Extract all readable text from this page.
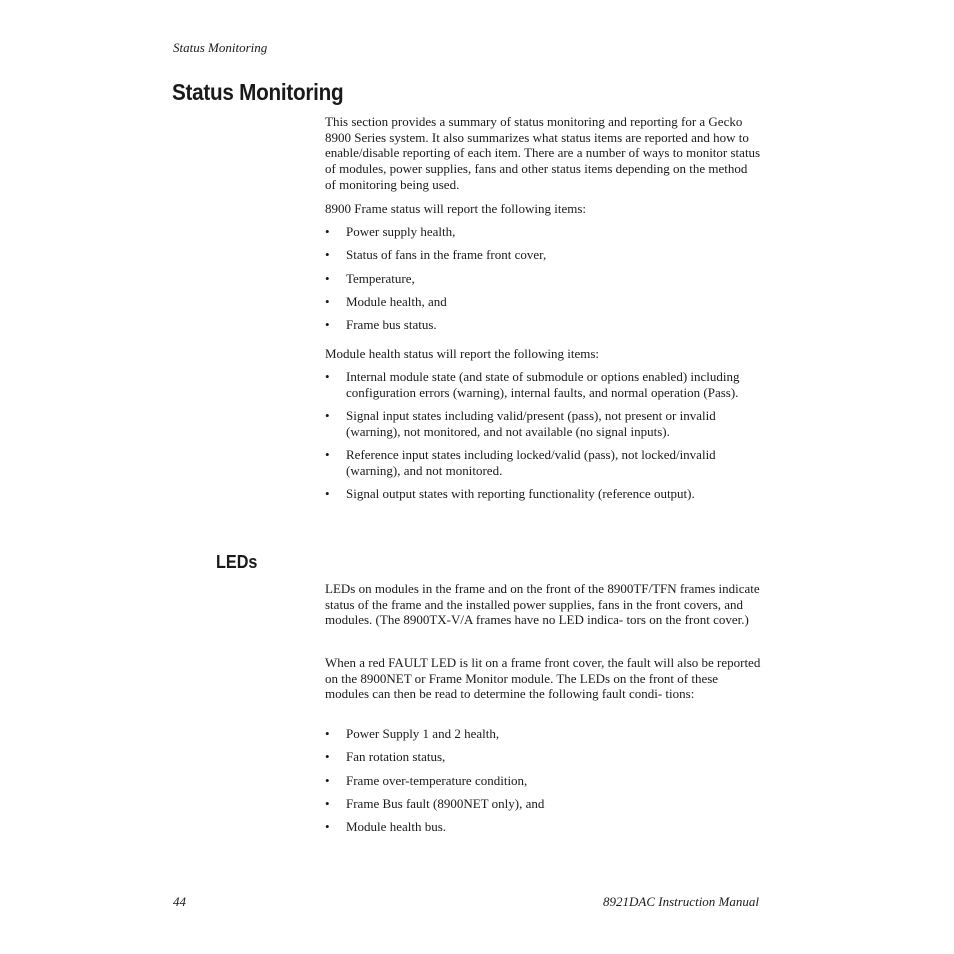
Status Monitoring
Status Monitoring

This section provides a summary of status monitoring and reporting for a Gecko 8900 Series system. It also summarizes what status items are reported and how to enable/disable reporting of each item. There are a number of ways to monitor status of modules, power supplies, fans and other status items depending on the method of monitoring being used.

8900 Frame status will report the following items:

• Power supply health,
• Status of fans in the frame front cover,
• Temperature,
• Module health, and
• Frame bus status.

Module health status will report the following items:

• Internal module state (and state of submodule or options enabled) including configuration errors (warning), internal faults, and normal operation (Pass).
• Signal input states including valid/present (pass), not present or invalid (warning), not monitored, and not available (no signal inputs).
• Reference input states including locked/valid (pass), not locked/invalid (warning), and not monitored.
• Signal output states with reporting functionality (reference output).
LEDs

LEDs on modules in the frame and on the front of the 8900TF/TFN frames indicate status of the frame and the installed power supplies, fans in the front covers, and modules. (The 8900TX-V/A frames have no LED indica- tors on the front cover.)

When a red FAULT LED is lit on a frame front cover, the fault will also be reported on the 8900NET or Frame Monitor module. The LEDs on the front of these modules can then be read to determine the following fault condi- tions:

• Power Supply 1 and 2 health,
• Fan rotation status,
• Frame over-temperature condition,
• Frame Bus fault (8900NET only), and
• Module health bus.
44	8921DAC Instruction Manual
